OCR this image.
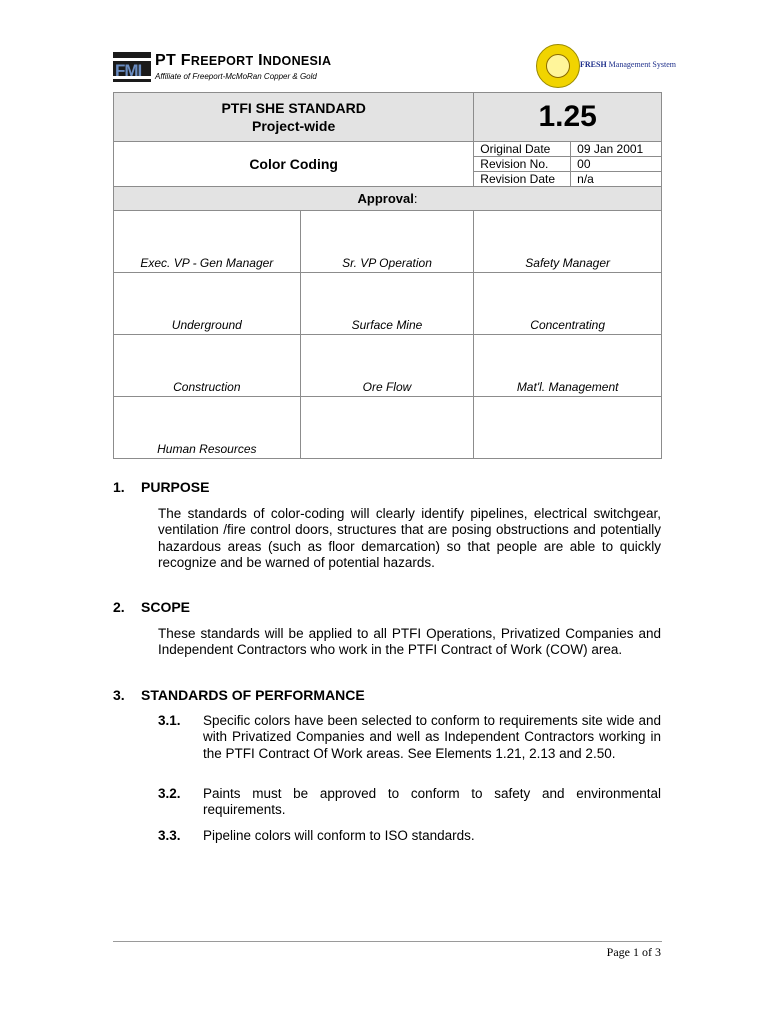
FMI
PT FREEPORT INDONESIA
Affiliate of Freeport-McMoRan Copper & Gold
FRESH Management System
PTFI SHE STANDARD
Project-wide		1.25	
Color Coding		Original Date	09 Jan 2001
		Revision No.	00
		Revision Date	n/a
Approval:			
Exec. VP - Gen Manager	Sr. VP Operation	Safety Manager	
Underground	Surface Mine	Concentrating	
Construction	Ore Flow	Mat'l. Management	
Human Resources			
1. PURPOSE
The standards of color-coding will clearly identify pipelines, electrical switchgear, ventilation /fire control doors, structures that are posing obstructions and potentially hazardous areas (such as floor demarcation) so that people are able to quickly recognize and be warned of potential hazards.
2. SCOPE
These standards will be applied to all PTFI Operations, Privatized Companies and Independent Contractors who work in the PTFI Contract of Work (COW) area.
3. STANDARDS OF PERFORMANCE
3.1. Specific colors have been selected to conform to requirements site wide and with Privatized Companies and well as Independent Contractors working in the PTFI Contract Of Work areas. See Elements 1.21, 2.13 and 2.50.
3.2. Paints must be approved to conform to safety and environmental requirements.
3.3. Pipeline colors will conform to ISO standards.
Page 1 of 3
